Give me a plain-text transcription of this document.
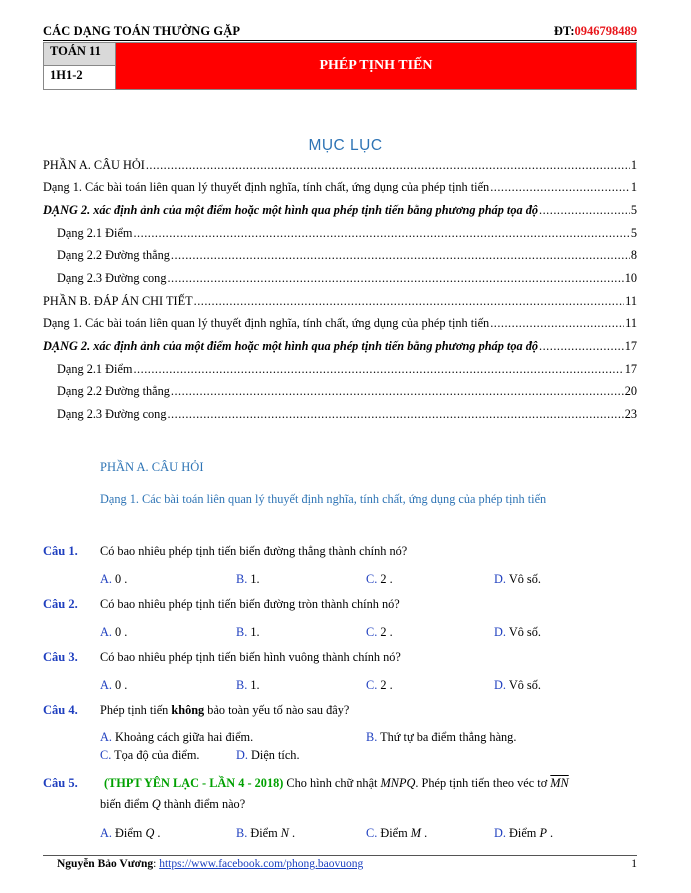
CÁC DẠNG TOÁN THƯỜNG GẶP	ĐT:0946798489
TOÁN 11
1H1-2
PHÉP TỊNH TIẾN
MỤC LỤC
PHẦN A. CÂU HỎI .....	1
Dạng 1. Các bài toán liên quan lý thuyết định nghĩa, tính chất, ứng dụng của phép tịnh tiến .....	1
DẠNG 2. xác định ảnh của một điểm hoặc một hình qua phép tịnh tiến bằng phương pháp tọa độ .....	5
Dạng 2.1 Điểm .....	5
Dạng 2.2 Đường thẳng .....	8
Dạng 2.3 Đường cong .....	10
PHẦN B. ĐÁP ÁN CHI TIẾT .....	11
Dạng 1. Các bài toán liên quan lý thuyết định nghĩa, tính chất, ứng dụng của phép tịnh tiến .....	11
DẠNG 2. xác định ảnh của một điểm hoặc một hình qua phép tịnh tiến bằng phương pháp tọa độ .....	17
Dạng 2.1 Điểm .....	17
Dạng 2.2 Đường thẳng .....	20
Dạng 2.3 Đường cong .....	23
PHẦN A. CÂU HỎI
Dạng 1. Các bài toán liên quan lý thuyết định nghĩa, tính chất, ứng dụng của phép tịnh tiến
Câu 1. Có bao nhiêu phép tịnh tiến biến đường thẳng thành chính nó?
A. 0 .	B. 1.	C. 2 .	D. Vô số.
Câu 2. Có bao nhiêu phép tịnh tiến biến đường tròn thành chính nó?
A. 0 .	B. 1.	C. 2 .	D. Vô số.
Câu 3. Có bao nhiêu phép tịnh tiến biến hình vuông thành chính nó?
A. 0 .	B. 1.	C. 2 .	D. Vô số.
Câu 4. Phép tịnh tiến không bảo toàn yếu tố nào sau đây?
A. Khoảng cách giữa hai điểm.	B. Thứ tự ba điểm thẳng hàng.
C. Tọa độ của điểm.	D. Diện tích.
Câu 5. (THPT YÊN LẠC - LẦN 4 - 2018) Cho hình chữ nhật MNPQ. Phép tịnh tiến theo véc tơ $\overline{MN}$
biến điểm Q thành điểm nào?
A. Điểm Q .	B. Điểm N .	C. Điểm M .	D. Điểm P .
Nguyễn Bảo Vương: https://www.facebook.com/phong.baovuong	1
